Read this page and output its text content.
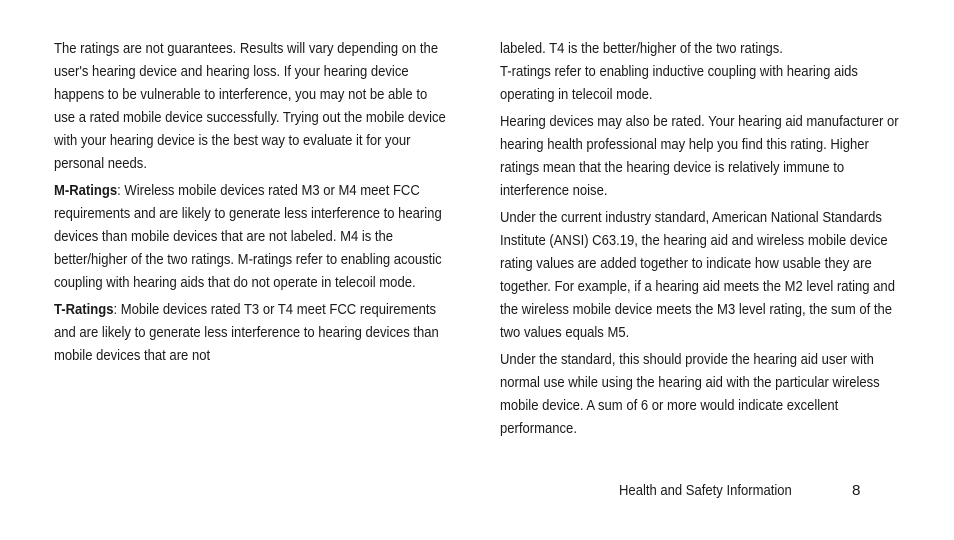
The ratings are not guarantees. Results will vary depending on the user's hearing device and hearing loss. If your hearing device happens to be vulnerable to interference, you may not be able to use a rated mobile device successfully. Trying out the mobile device with your hearing device is the best way to evaluate it for your personal needs.

M-Ratings: Wireless mobile devices rated M3 or M4 meet FCC requirements and are likely to generate less interference to hearing devices than mobile devices that are not labeled. M4 is the better/higher of the two ratings. M-ratings refer to enabling acoustic coupling with hearing aids that do not operate in telecoil mode.

T-Ratings: Mobile devices rated T3 or T4 meet FCC requirements and are likely to generate less interference to hearing devices than mobile devices that are not

labeled. T4 is the better/higher of the two ratings.
T-ratings refer to enabling inductive coupling with hearing aids operating in telecoil mode.

Hearing devices may also be rated. Your hearing aid manufacturer or hearing health professional may help you find this rating. Higher ratings mean that the hearing device is relatively immune to interference noise.

Under the current industry standard, American National Standards Institute (ANSI) C63.19, the hearing aid and wireless mobile device rating values are added together to indicate how usable they are together. For example, if a hearing aid meets the M2 level rating and the wireless mobile device meets the M3 level rating, the sum of the two values equals M5.

Under the standard, this should provide the hearing aid user with normal use while using the hearing aid with the particular wireless mobile device. A sum of 6 or more would indicate excellent performance.

Health and Safety Information	8
